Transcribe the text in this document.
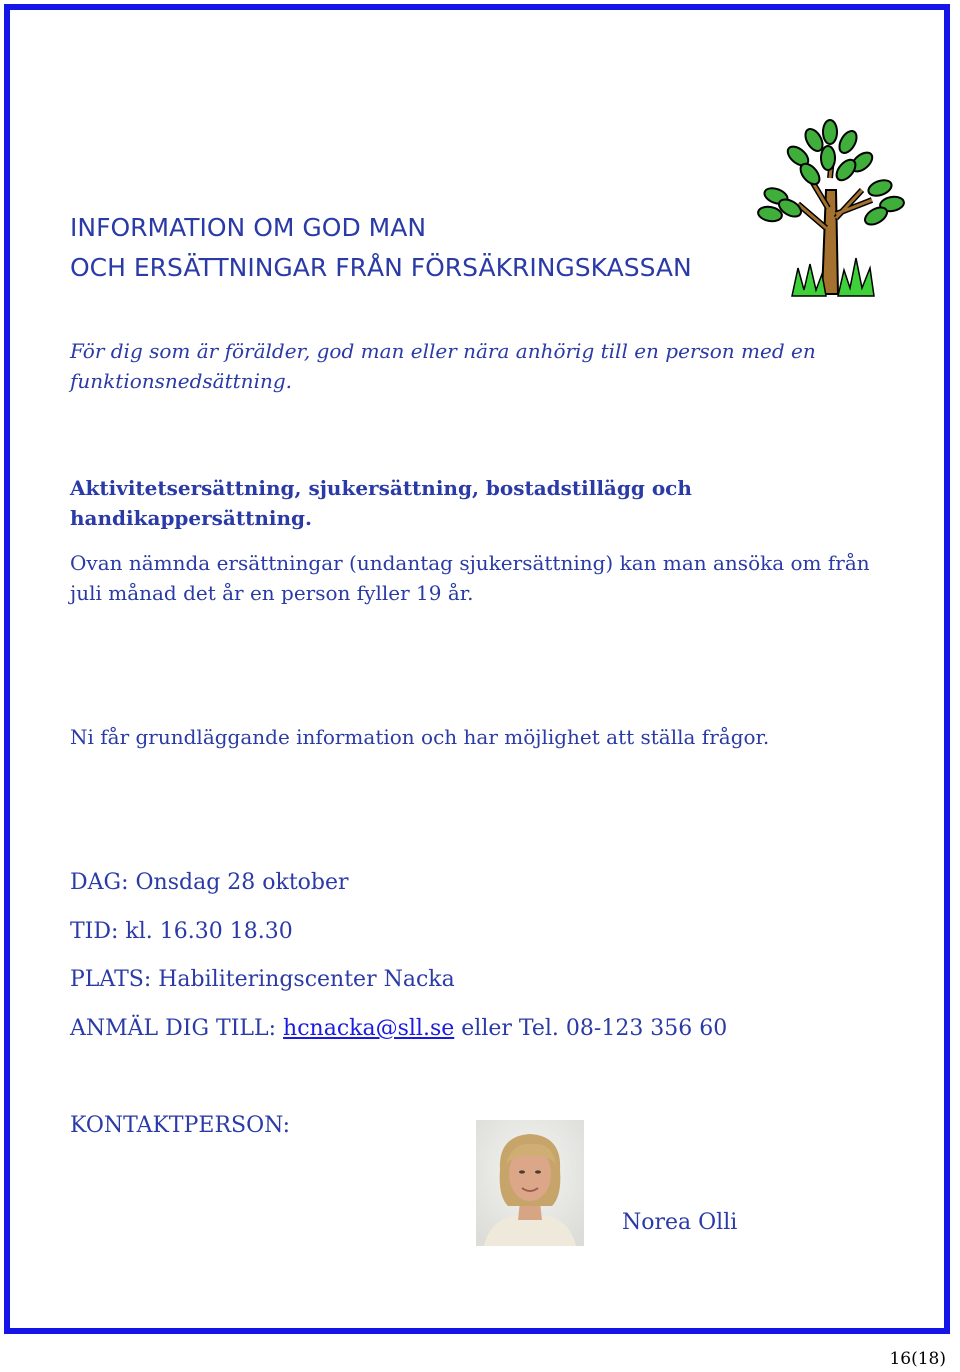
INFORMATION OM GOD MAN
OCH ERSÄTTNINGAR FRÅN FÖRSÄKRINGSKASSAN
För dig som är förälder, god man eller nära anhörig till en person med en funktionsnedsättning.
Aktivitetsersättning, sjukersättning, bostadstillägg och handikappersättning.
Ovan nämnda ersättningar (undantag sjukersättning) kan man ansöka om från juli månad det år en person fyller 19 år.
Ni får grundläggande information och har möjlighet att ställa frågor.
DAG: Onsdag 28 oktober
TID: kl. 16.30 18.30
PLATS: Habiliteringscenter Nacka
ANMÄL DIG TILL: hcnacka@sll.se eller Tel. 08-123 356 60
KONTAKTPERSON:
Norea Olli
16(18)
